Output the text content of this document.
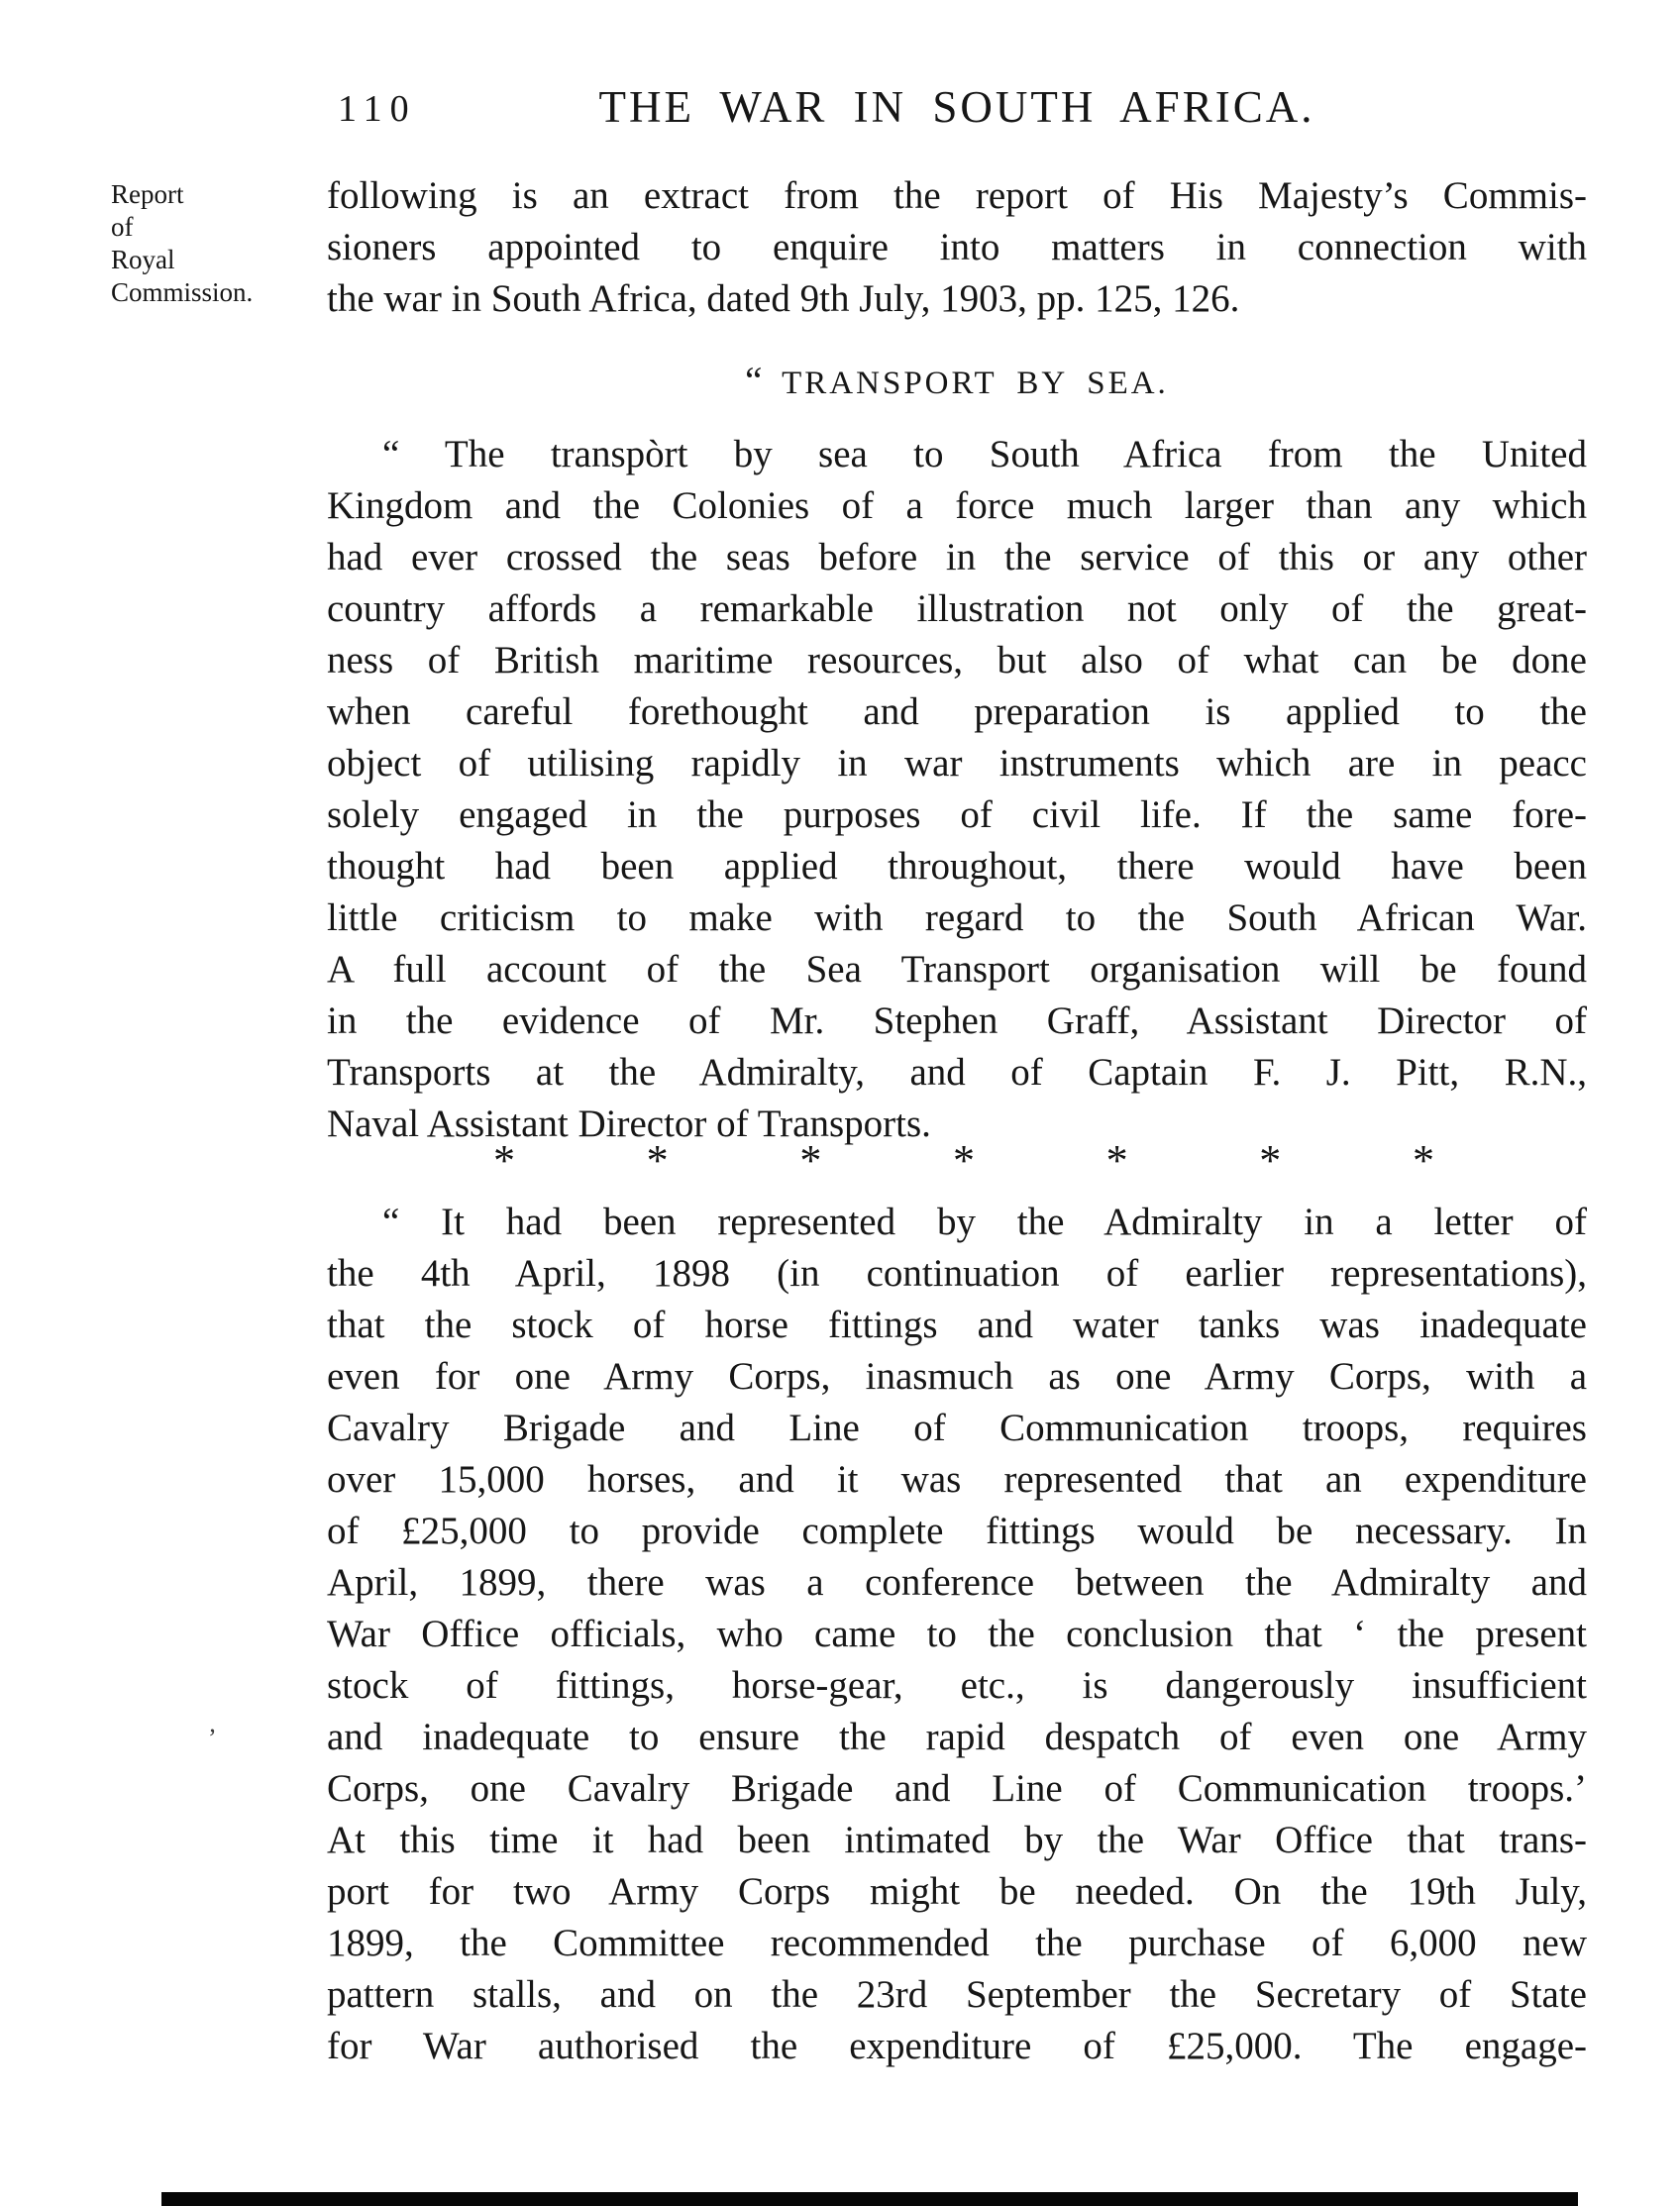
110	THE WAR IN SOUTH AFRICA.
Report
of
Royal
Commission.
following is an extract from the report of His Majesty’s Commis-
sioners appointed to enquire into matters in connection with
the war in South Africa, dated 9th July, 1903, pp. 125, 126.
“ TRANSPORT BY SEA.
“ The transpòrt by sea to South Africa from the United
Kingdom and the Colonies of a force much larger than any which
had ever crossed the seas before in the service of this or any other
country affords a remarkable illustration not only of the great-
ness of British maritime resources, but also of what can be done
when careful forethought and preparation is applied to the
object of utilising rapidly in war instruments which are in peacc
solely engaged in the purposes of civil life. If the same fore-
thought had been applied throughout, there would have been
little criticism to make with regard to the South African War.
A full account of the Sea Transport organisation will be found
in the evidence of Mr. Stephen Graff, Assistant Director of
Transports at the Admiralty, and of Captain F. J. Pitt, R.N.,
Naval Assistant Director of Transports.
*	*	*	*	*	*	*
“ It had been represented by the Admiralty in a letter of
the 4th April, 1898 (in continuation of earlier representations),
that the stock of horse fittings and water tanks was inadequate
even for one Army Corps, inasmuch as one Army Corps, with a
Cavalry Brigade and Line of Communication troops, requires
over 15,000 horses, and it was represented that an expenditure
of £25,000 to provide complete fittings would be necessary. In
April, 1899, there was a conference between the Admiralty and
War Office officials, who came to the conclusion that ‘ the present
stock of fittings, horse-gear, etc., is dangerously insufficient
and inadequate to ensure the rapid despatch of even one Army
Corps, one Cavalry Brigade and Line of Communication troops.’
At this time it had been intimated by the War Office that trans-
port for two Army Corps might be needed. On the 19th July,
1899, the Committee recommended the purchase of 6,000 new
pattern stalls, and on the 23rd September the Secretary of State
for War authorised the expenditure of £25,000. The engage-
’
